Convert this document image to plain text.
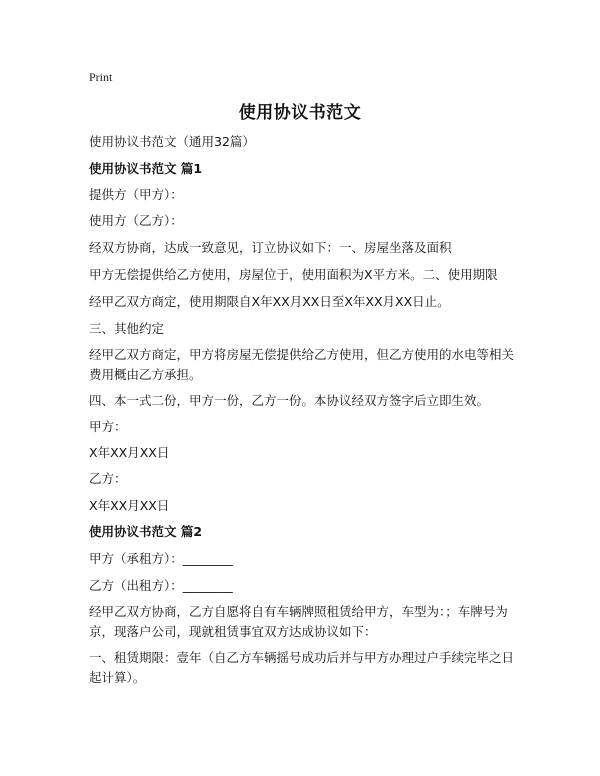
Print
使用协议书范文
使用协议书范文（通用32篇）
使用协议书范文 篇1
提供方（甲方）：
使用方（乙方）：
经双方协商，达成一致意见，订立协议如下：一、房屋坐落及面积
甲方无偿提供给乙方使用，房屋位于，使用面积为X平方米。二、使用期限
经甲乙双方商定，使用期限自X年XX月XX日至X年XX月XX日止。
三、其他约定
经甲乙双方商定，甲方将房屋无偿提供给乙方使用，但乙方使用的水电等相关费用概由乙方承担。
四、本一式二份，甲方一份，乙方一份。本协议经双方签字后立即生效。
甲方：
X年XX月XX日
乙方：
X年XX月XX日
使用协议书范文 篇2
甲方（承租方）：________
乙方（出租方）：________
经甲乙双方协商，乙方自愿将自有车辆牌照租赁给甲方，车型为：；车牌号为京，现落户公司，现就租赁事宜双方达成协议如下：
一、租赁期限：壹年（自乙方车辆摇号成功后并与甲方办理过户手续完毕之日起计算）。
